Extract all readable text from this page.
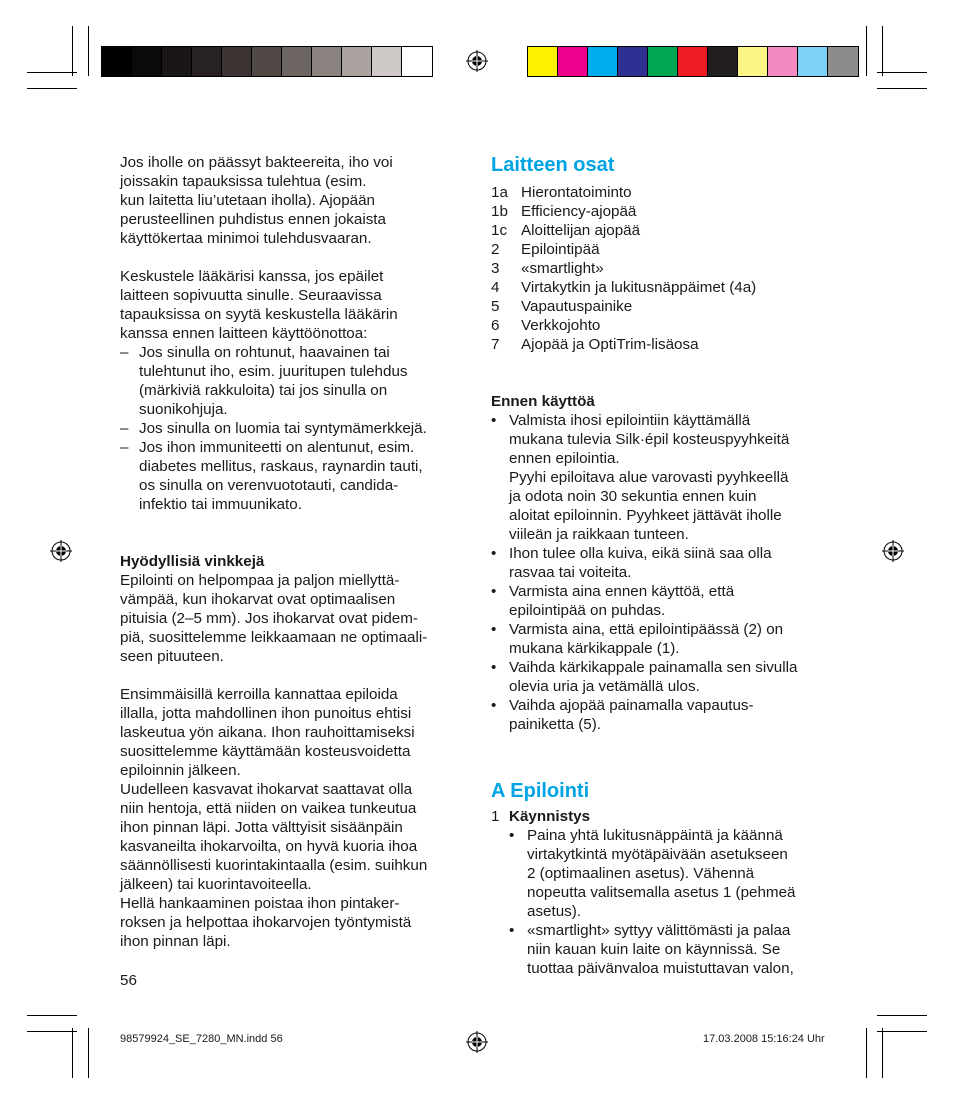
Jos iholle on päässyt bakteereita, iho voi
joissakin tapauksissa tulehtua (esim.
kun laitetta liu’utetaan iholla). Ajopään
perusteellinen puhdistus ennen jokaista
käyttökertaa minimoi tulehdusvaaran.

Keskustele lääkärisi kanssa, jos epäilet
laitteen sopivuutta sinulle. Seuraavissa
tapauksissa on syytä keskustella lääkärin
kanssa ennen laitteen käyttöönottoa:

– Jos sinulla on rohtunut, haavainen tai
tulehtunut iho, esim. juuritupen tulehdus
(märkiviä rakkuloita) tai jos sinulla on
suonikohjuja.
– Jos sinulla on luomia tai syntymämerkkejä.
– Jos ihon immuniteetti on alentunut, esim.
diabetes mellitus, raskaus, raynardin tauti,
os sinulla on verenvuototauti, candida-
infektio tai immuunikato.

Hyödyllisiä vinkkejä

Epilointi on helpompaa ja paljon miellyttä-
vämpää, kun ihokarvat ovat optimaalisen
pituisia (2–5 mm). Jos ihokarvat ovat pidem-
piä, suosittelemme leikkaamaan ne optimaali-
seen pituuteen.

Ensimmäisillä kerroilla kannattaa epiloida
illalla, jotta mahdollinen ihon punoitus ehtisi
laskeutua yön aikana. Ihon rauhoittamiseksi
suosittelemme käyttämään kosteusvoidetta
epiloinnin jälkeen.
Uudelleen kasvavat ihokarvat saattavat olla
niin hentoja, että niiden on vaikea tunkeutua
ihon pinnan läpi. Jotta välttyisit sisäänpäin
kasvaneilta ihokarvoilta, on hyvä kuoria ihoa
säännöllisesti kuorintakintaalla (esim. suihkun
jälkeen) tai kuorintavoiteella.
Hellä hankaaminen poistaa ihon pintaker-
roksen ja helpottaa ihokarvojen työntymistä
ihon pinnan läpi.

Laitteen osat

1a Hierontatoiminto
1b Efficiency-ajopää
1c Aloittelijan ajopää
2	Epilointipää
3	«smartlight»
4	Virtakytkin ja lukitusnäppäimet (4a)
5	Vapautuspainike
6	Verkkojohto
7	Ajopää ja OptiTrim-lisäosa

Ennen käyttöä

• Valmista ihosi epilointiin käyttämällä
mukana tulevia Silk·épil kosteuspyyhkeitä
ennen epilointia.
Pyyhi epiloitava alue varovasti pyyhkeellä
ja odota noin 30 sekuntia ennen kuin
aloitat epiloinnin. Pyyhkeet jättävät iholle
viileän ja raikkaan tunteen.
• Ihon tulee olla kuiva, eikä siinä saa olla
rasvaa tai voiteita.
• Varmista aina ennen käyttöä, että
epilointipää on puhdas.
• Varmista aina, että epilointipäässä (2) on
mukana kärkikappale (1).
• Vaihda kärkikappale painamalla sen sivulla
olevia uria ja vetämällä ulos.
• Vaihda ajopää painamalla vapautus-
painiketta (5).

A Epilointi

1 Käynnistys
• Paina yhtä lukitusnäppäintä ja käännä
virtakytkintä myötäpäivään asetukseen
2 (optimaalinen asetus). Vähennä
nopeutta valitsemalla asetus 1 (pehmeä
asetus).
• «smartlight» syttyy välittömästi ja palaa
niin kauan kuin laite on käynnissä. Se
tuottaa päivänvaloa muistuttavan valon,
56
98579924_SE_7280_MN.indd 56	17.03.2008 15:16:24 Uhr
